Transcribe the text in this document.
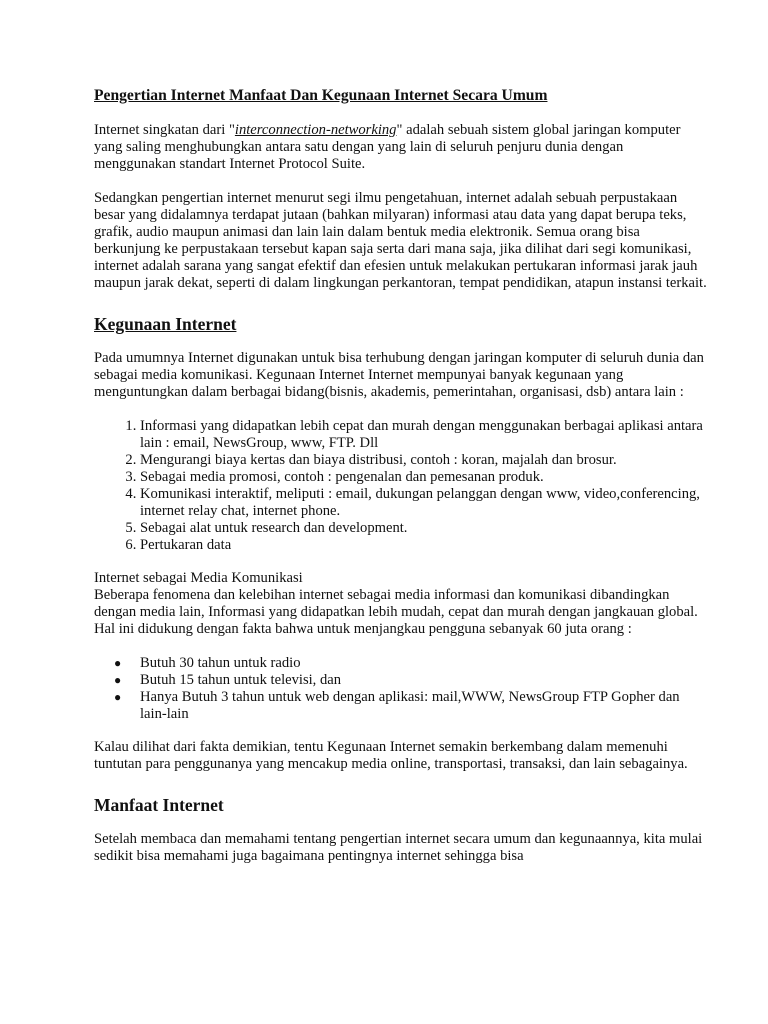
Pengertian Internet Manfaat Dan Kegunaan Internet Secara Umum

Internet singkatan dari "interconnection-networking" adalah sebuah sistem global jaringan komputer yang saling menghubungkan antara satu dengan yang lain di seluruh penjuru dunia dengan menggunakan standart Internet Protocol Suite.

Sedangkan pengertian internet menurut segi ilmu pengetahuan, internet adalah sebuah perpustakaan besar yang didalamnya terdapat jutaan (bahkan milyaran) informasi atau data yang dapat berupa teks, grafik, audio maupun animasi dan lain lain dalam bentuk media elektronik. Semua orang bisa berkunjung ke perpustakaan tersebut kapan saja serta dari mana saja, jika dilihat dari segi komunikasi, internet adalah sarana yang sangat efektif dan efesien untuk melakukan pertukaran informasi jarak jauh maupun jarak dekat, seperti di dalam lingkungan perkantoran, tempat pendidikan, atapun instansi terkait.

Kegunaan Internet

Pada umumnya Internet digunakan untuk bisa terhubung dengan jaringan komputer di seluruh dunia dan sebagai media komunikasi. Kegunaan Internet Internet mempunyai banyak kegunaan yang menguntungkan dalam berbagai bidang(bisnis, akademis, pemerintahan, organisasi, dsb) antara lain :

1. Informasi yang didapatkan lebih cepat dan murah dengan menggunakan berbagai aplikasi antara lain : email, NewsGroup, www, FTP. Dll
2. Mengurangi biaya kertas dan biaya distribusi, contoh : koran, majalah dan brosur.
3. Sebagai media promosi, contoh : pengenalan dan pemesanan produk.
4. Komunikasi interaktif, meliputi : email, dukungan pelanggan dengan www, video,conferencing, internet relay chat, internet phone.
5. Sebagai alat untuk research dan development.
6. Pertukaran data

Internet sebagai Media Komunikasi

Beberapa fenomena dan kelebihan internet sebagai media informasi dan komunikasi dibandingkan dengan media lain, Informasi yang didapatkan lebih mudah, cepat dan murah dengan jangkauan global. Hal ini didukung dengan fakta bahwa untuk menjangkau pengguna sebanyak 60 juta orang :

● Butuh 30 tahun untuk radio
● Butuh 15 tahun untuk televisi, dan
● Hanya Butuh 3 tahun untuk web dengan aplikasi: mail,WWW, NewsGroup FTP Gopher dan lain-lain

Kalau dilihat dari fakta demikian, tentu Kegunaan Internet semakin berkembang dalam memenuhi tuntutan para penggunanya yang mencakup media online, transportasi, transaksi, dan lain sebagainya.

Manfaat Internet

Setelah membaca dan memahami tentang pengertian internet secara umum dan kegunaannya, kita mulai sedikit bisa memahami juga bagaimana pentingnya internet sehingga bisa
